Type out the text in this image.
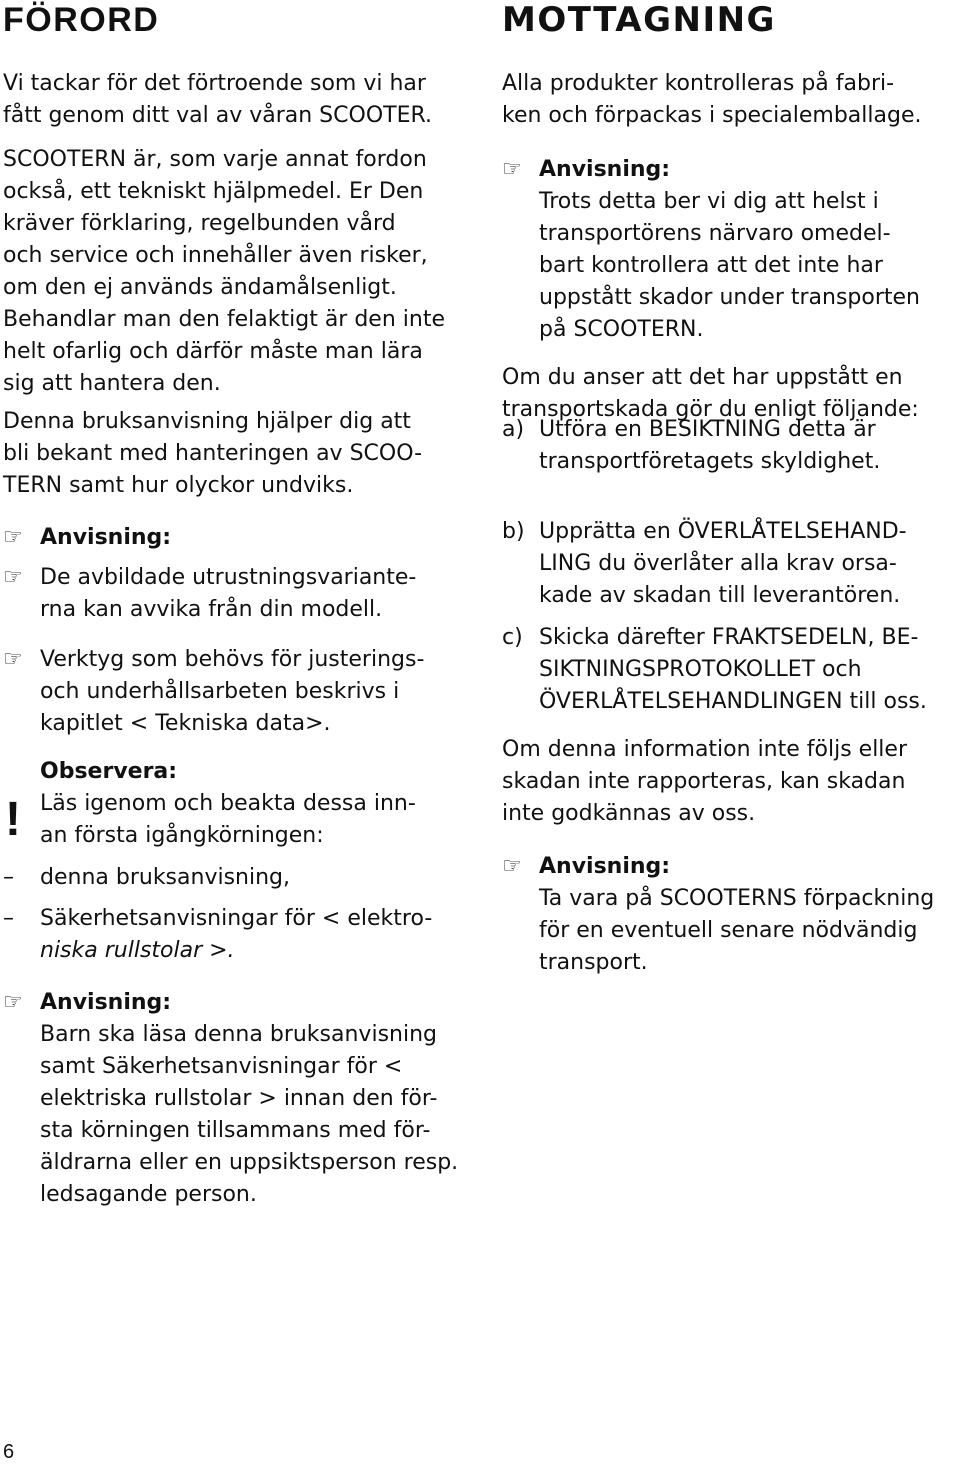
FÖRORD

Vi tackar för det förtroende som vi har

fått genom ditt val av våran SCOOTER.

SCOOTERN är, som varje annat fordon

också, ett tekniskt hjälpmedel. Er Den

kräver förklaring, regelbunden vård

och service och innehåller även risker,

om den ej används ändamålsenligt.

Behandlar man den felaktigt är den inte

helt ofarlig och därför måste man lära

sig att hantera den.

Denna bruksanvisning hjälper dig att

bli bekant med hanteringen av SCOO-

TERN samt hur olyckor undviks.

☞ Anvisning:

☞ De avbildade utrustningsvariante-

rna kan avvika från din modell.

☞ Verktyg som behövs för justerings-

och underhållsarbeten beskrivs i

kapitlet < Tekniska data>.

!

Observera:

Läs igenom och beakta dessa inn-

an första igångkörningen:

– denna bruksanvisning,

– Säkerhetsanvisningar för < elektro-

niska rullstolar >.

☞ Anvisning:

Barn ska läsa denna bruksanvisning

samt Säkerhetsanvisningar för <

elektriska rullstolar > innan den för-

sta körningen tillsammans med för-

äldrarna eller en uppsiktsperson resp.

ledsagande person.

MOTTAGNING

Alla produkter kontrolleras på fabri-

ken och förpackas i specialemballage.

☞ Anvisning:

Trots detta ber vi dig att helst i

transportörens närvaro omedel-

bart kontrollera att det inte har

uppstått skador under transporten

på SCOOTERN.

Om du anser att det har uppstått en

transportskada gör du enligt följande:

a) Utföra en BESIKTNING detta är

transportföretagets skyldighet.

b) Upprätta en ÖVERLÅTELSEHAND-

LING du överlåter alla krav orsa-

kade av skadan till leverantören.

c) Skicka därefter FRAKTSEDELN, BE-

SIKTNINGSPROTOKOLLET och

ÖVERLÅTELSEHANDLINGEN till oss.

Om denna information inte följs eller

skadan inte rapporteras, kan skadan

inte godkännas av oss.

☞ Anvisning:

Ta vara på SCOOTERNS förpackning

för en eventuell senare nödvändig

transport.

6
